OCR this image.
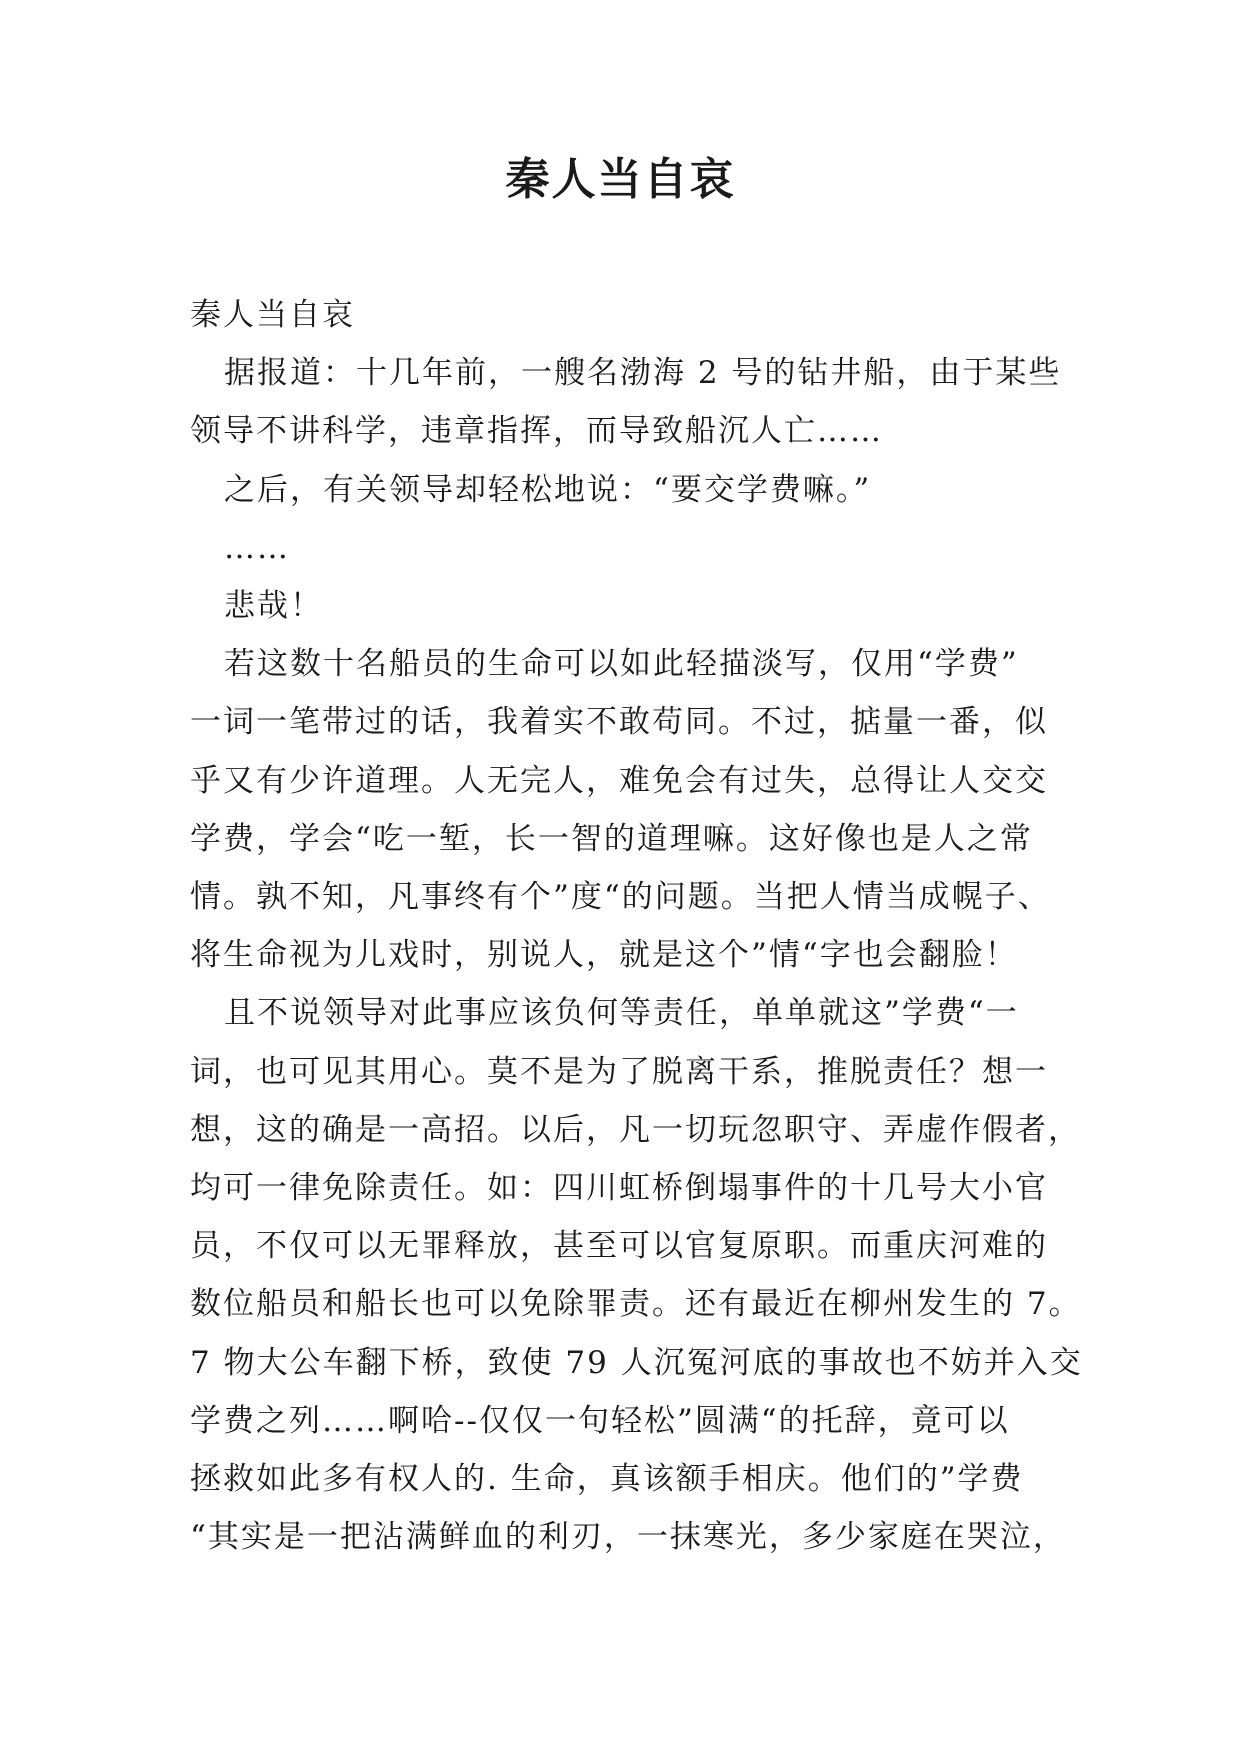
秦人当自哀

秦人当自哀

据报道：十几年前，一艘名渤海 2 号的钻井船，由于某些

领导不讲科学，违章指挥，而导致船沉人亡……

之后，有关领导却轻松地说：“要交学费嘛。”

……

悲哉！

若这数十名船员的生命可以如此轻描淡写，仅用“学费”

一词一笔带过的话，我着实不敢苟同。不过，掂量一番，似

乎又有少许道理。人无完人，难免会有过失，总得让人交交

学费，学会“吃一堑，长一智的道理嘛。这好像也是人之常

情。孰不知，凡事终有个”度“的问题。当把人情当成幌子、

将生命视为儿戏时，别说人，就是这个”情“字也会翻脸！

且不说领导对此事应该负何等责任，单单就这”学费“一

词，也可见其用心。莫不是为了脱离干系，推脱责任？想一

想，这的确是一高招。以后，凡一切玩忽职守、弄虚作假者，

均可一律免除责任。如：四川虹桥倒塌事件的十几号大小官

员，不仅可以无罪释放，甚至可以官复原职。而重庆河难的

数位船员和船长也可以免除罪责。还有最近在柳州发生的 7。

7 物大公车翻下桥，致使 79 人沉冤河底的事故也不妨并入交

学费之列……啊哈--仅仅一句轻松”圆满“的托辞，竟可以

拯救如此多有权人的. 生命，真该额手相庆。他们的”学费

“其实是一把沾满鲜血的利刃，一抹寒光，多少家庭在哭泣，
